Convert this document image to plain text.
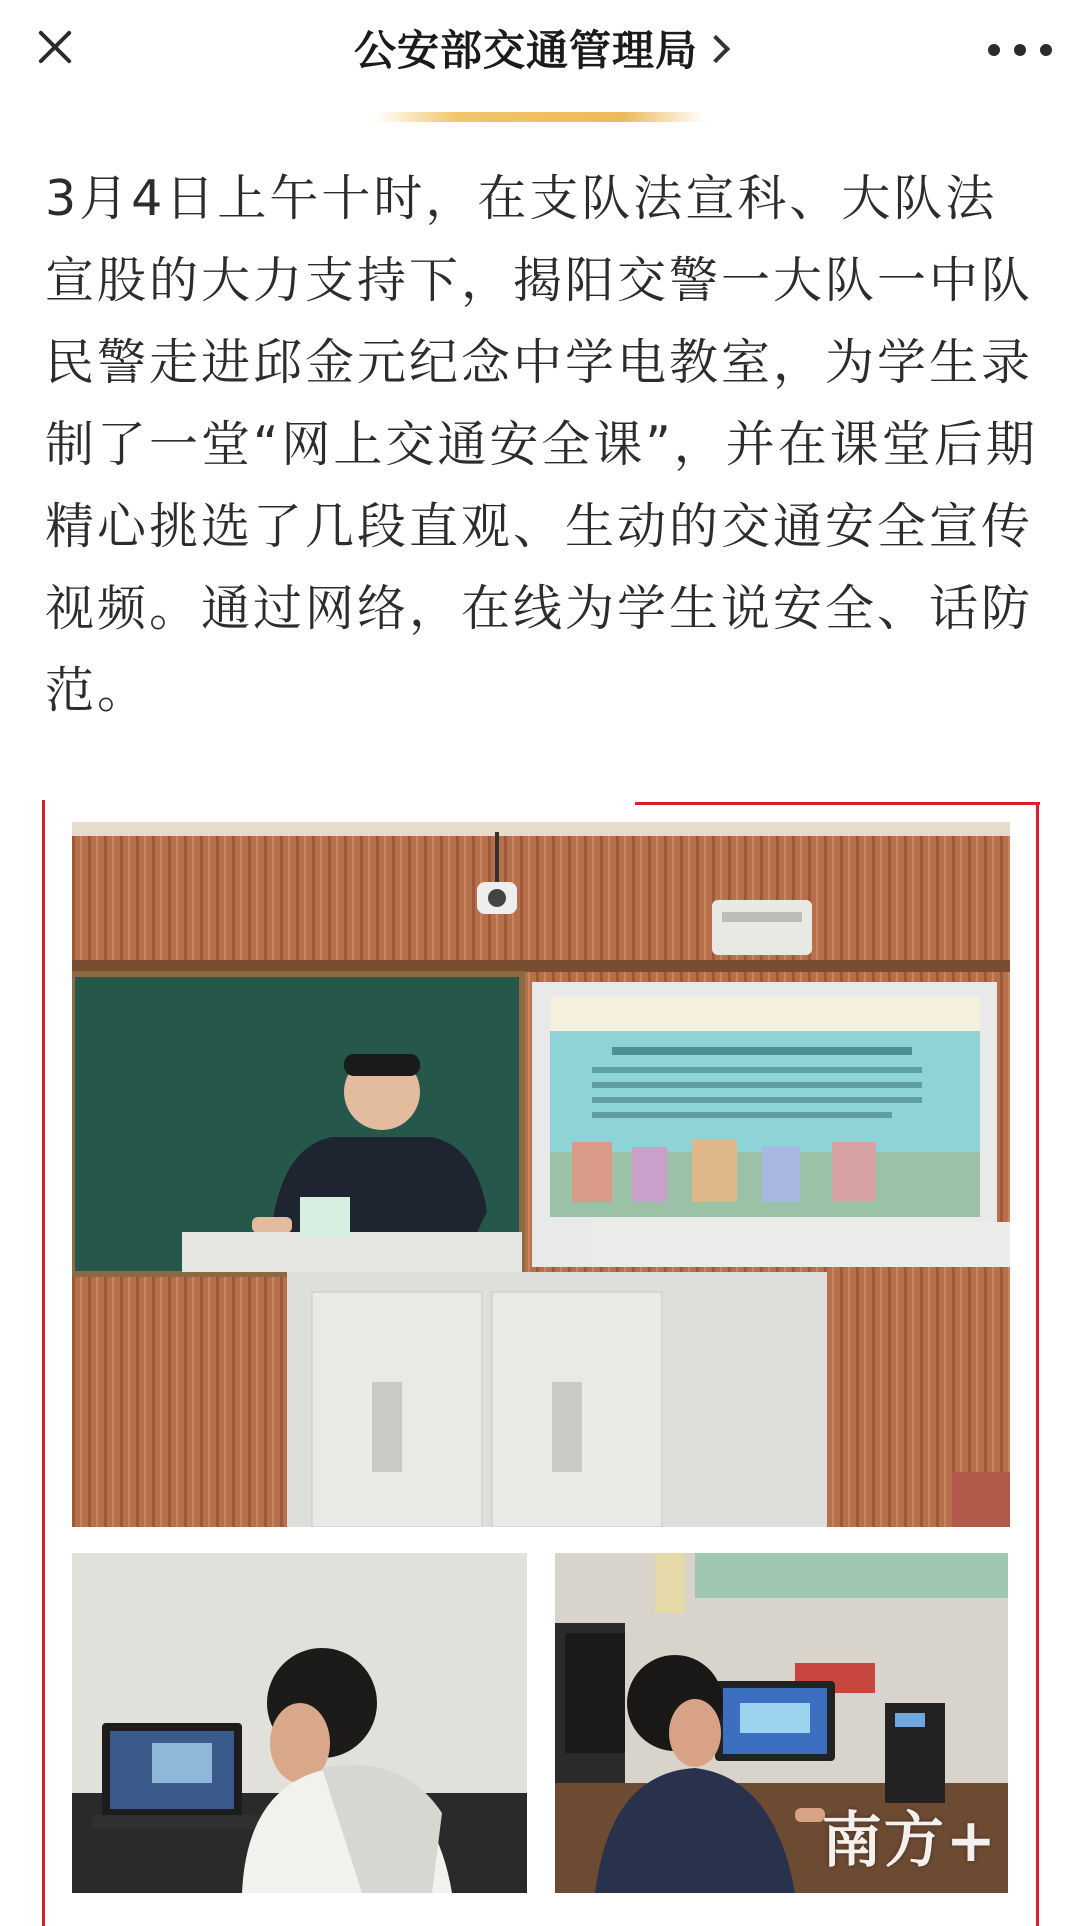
公安部交通管理局
3月4日上午十时，在支队法宣科、大队法宣股的大力支持下，揭阳交警一大队一中队民警走进邱金元纪念中学电教室，为学生录制了一堂“网上交通安全课”，并在课堂后期精心挑选了几段直观、生动的交通安全宣传视频。通过网络，在线为学生说安全、话防范。
南方+
